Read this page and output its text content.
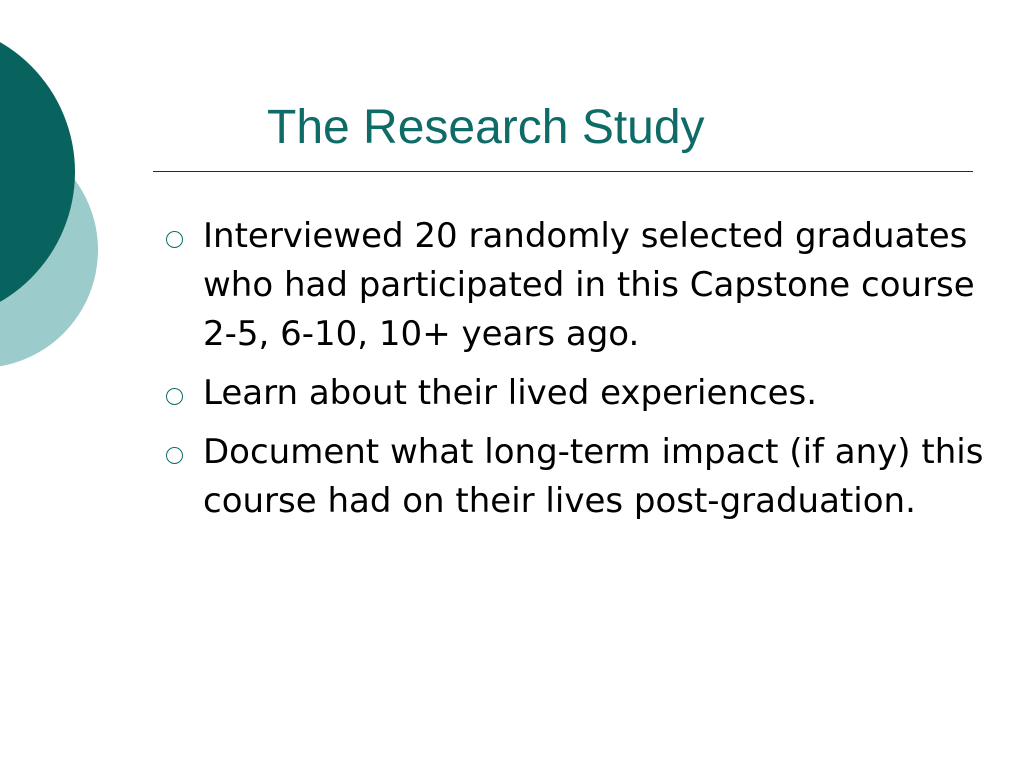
The Research Study
Interviewed 20 randomly selected graduates who had participated in this Capstone course 2-5, 6-10, 10+ years ago.
Learn about their lived experiences.
Document what long-term impact (if any) this course had on their lives post-graduation.
